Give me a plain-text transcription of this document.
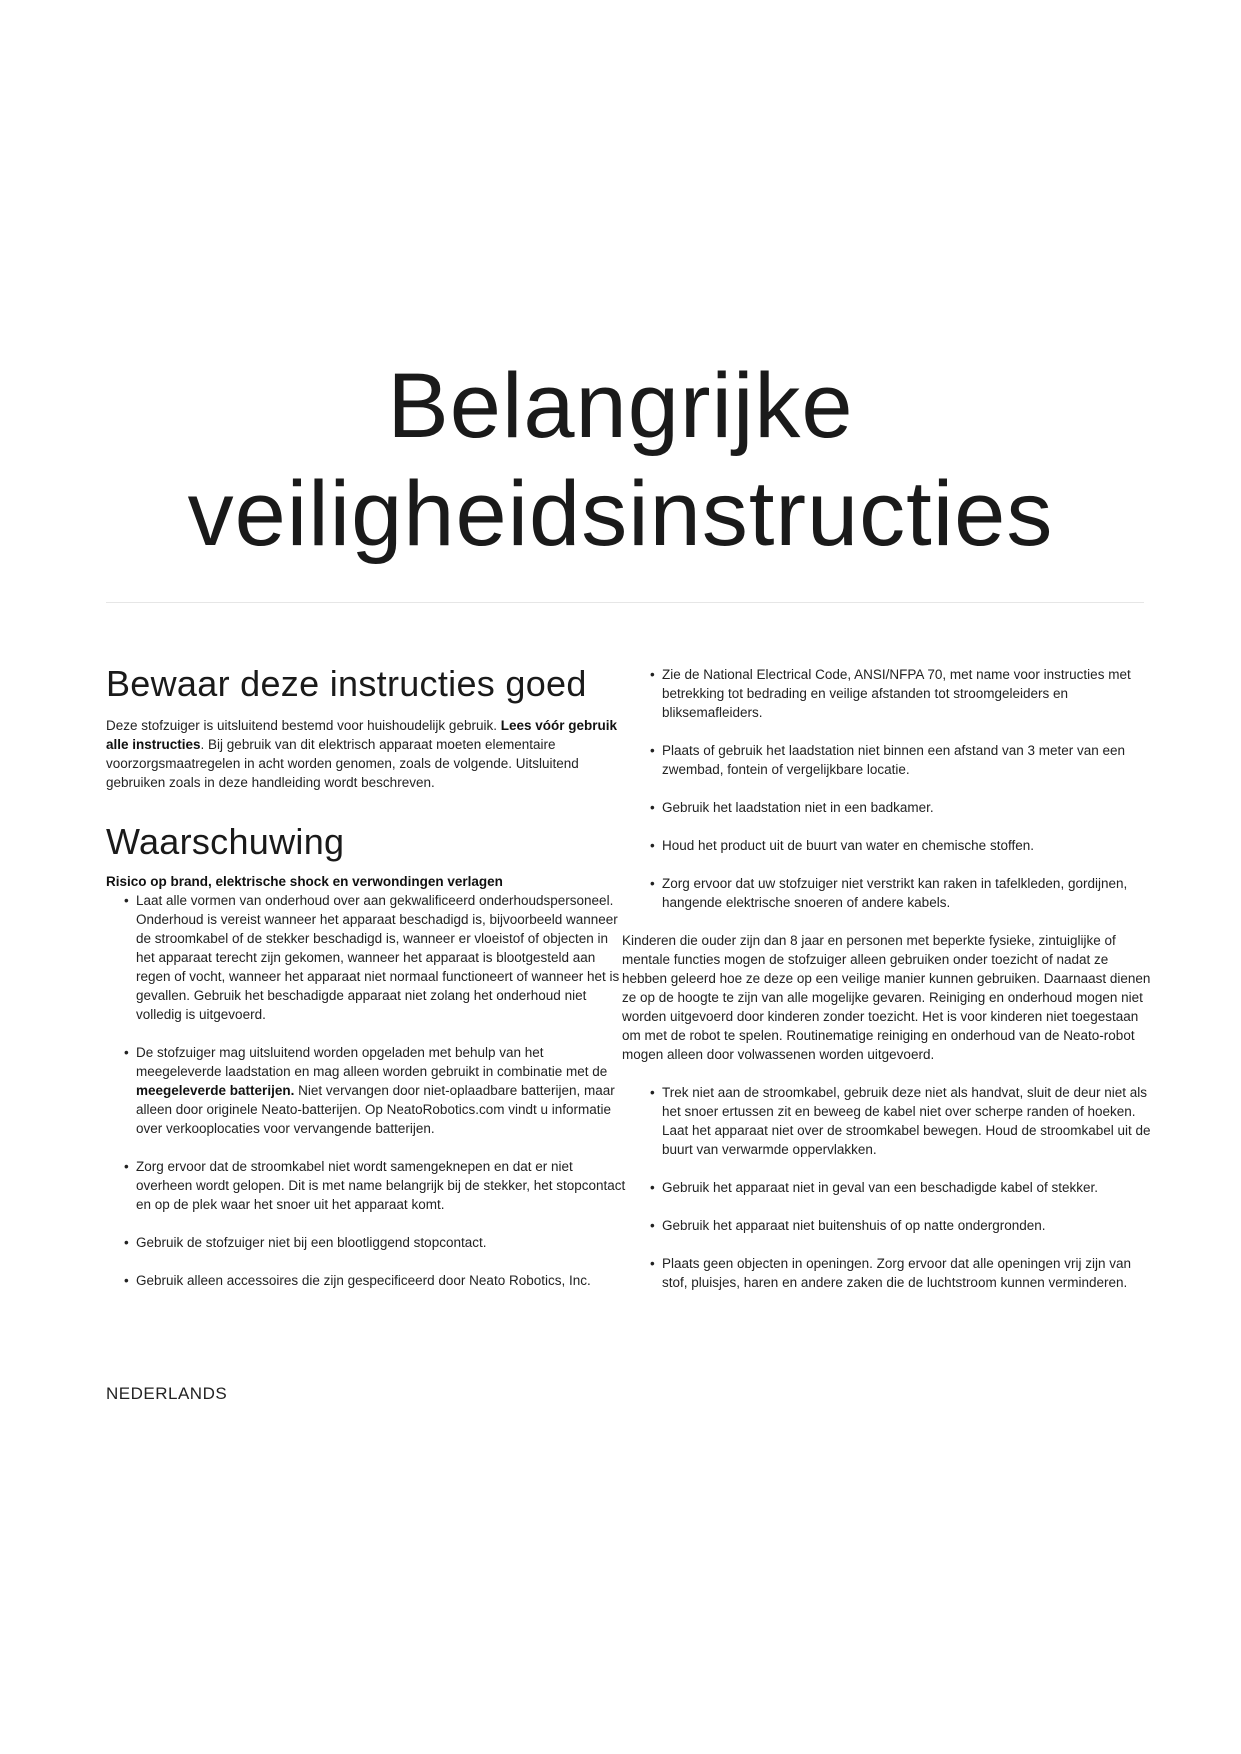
Belangrijke
veiligheidsinstructies
Bewaar deze instructies goed

Deze stofzuiger is uitsluitend bestemd voor huishoudelijk gebruik. Lees vóór gebruik alle instructies. Bij gebruik van dit elektrisch apparaat moeten elementaire voorzorgsmaatregelen in acht worden genomen, zoals de volgende. Uitsluitend gebruiken zoals in deze handleiding wordt beschreven.

Waarschuwing

Risico op brand, elektrische shock en verwondingen verlagen

• Laat alle vormen van onderhoud over aan gekwalificeerd onderhoudspersoneel. Onderhoud is vereist wanneer het apparaat beschadigd is, bijvoorbeeld wanneer de stroomkabel of de stekker beschadigd is, wanneer er vloeistof of objecten in het apparaat terecht zijn gekomen, wanneer het apparaat is blootgesteld aan regen of vocht, wanneer het apparaat niet normaal functioneert of wanneer het is gevallen. Gebruik het beschadigde apparaat niet zolang het onderhoud niet volledig is uitgevoerd.
• De stofzuiger mag uitsluitend worden opgeladen met behulp van het meegeleverde laadstation en mag alleen worden gebruikt in combinatie met de meegeleverde batterijen. Niet vervangen door niet-oplaadbare batterijen, maar alleen door originele Neato-batterijen. Op NeatoRobotics.com vindt u informatie over verkooplocaties voor vervangende batterijen.
• Zorg ervoor dat de stroomkabel niet wordt samengeknepen en dat er niet overheen wordt gelopen. Dit is met name belangrijk bij de stekker, het stopcontact en op de plek waar het snoer uit het apparaat komt.
• Gebruik de stofzuiger niet bij een blootliggend stopcontact.
• Gebruik alleen accessoires die zijn gespecificeerd door Neato Robotics, Inc.
• Zie de National Electrical Code, ANSI/NFPA 70, met name voor instructies met betrekking tot bedrading en veilige afstanden tot stroomgeleiders en bliksemafleiders.
• Plaats of gebruik het laadstation niet binnen een afstand van 3 meter van een zwembad, fontein of vergelijkbare locatie.
• Gebruik het laadstation niet in een badkamer.
• Houd het product uit de buurt van water en chemische stoffen.
• Zorg ervoor dat uw stofzuiger niet verstrikt kan raken in tafelkleden, gordijnen, hangende elektrische snoeren of andere kabels.

Kinderen die ouder zijn dan 8 jaar en personen met beperkte fysieke, zintuiglijke of mentale functies mogen de stofzuiger alleen gebruiken onder toezicht of nadat ze hebben geleerd hoe ze deze op een veilige manier kunnen gebruiken. Daarnaast dienen ze op de hoogte te zijn van alle mogelijke gevaren. Reiniging en onderhoud mogen niet worden uitgevoerd door kinderen zonder toezicht. Het is voor kinderen niet toegestaan om met de robot te spelen. Routinematige reiniging en onderhoud van de Neato-robot mogen alleen door volwassenen worden uitgevoerd.

• Trek niet aan de stroomkabel, gebruik deze niet als handvat, sluit de deur niet als het snoer ertussen zit en beweeg de kabel niet over scherpe randen of hoeken. Laat het apparaat niet over de stroomkabel bewegen. Houd de stroomkabel uit de buurt van verwarmde oppervlakken.
• Gebruik het apparaat niet in geval van een beschadigde kabel of stekker.
• Gebruik het apparaat niet buitenshuis of op natte ondergronden.
• Plaats geen objecten in openingen. Zorg ervoor dat alle openingen vrij zijn van stof, pluisjes, haren en andere zaken die de luchtstroom kunnen verminderen.
NEDERLANDS
